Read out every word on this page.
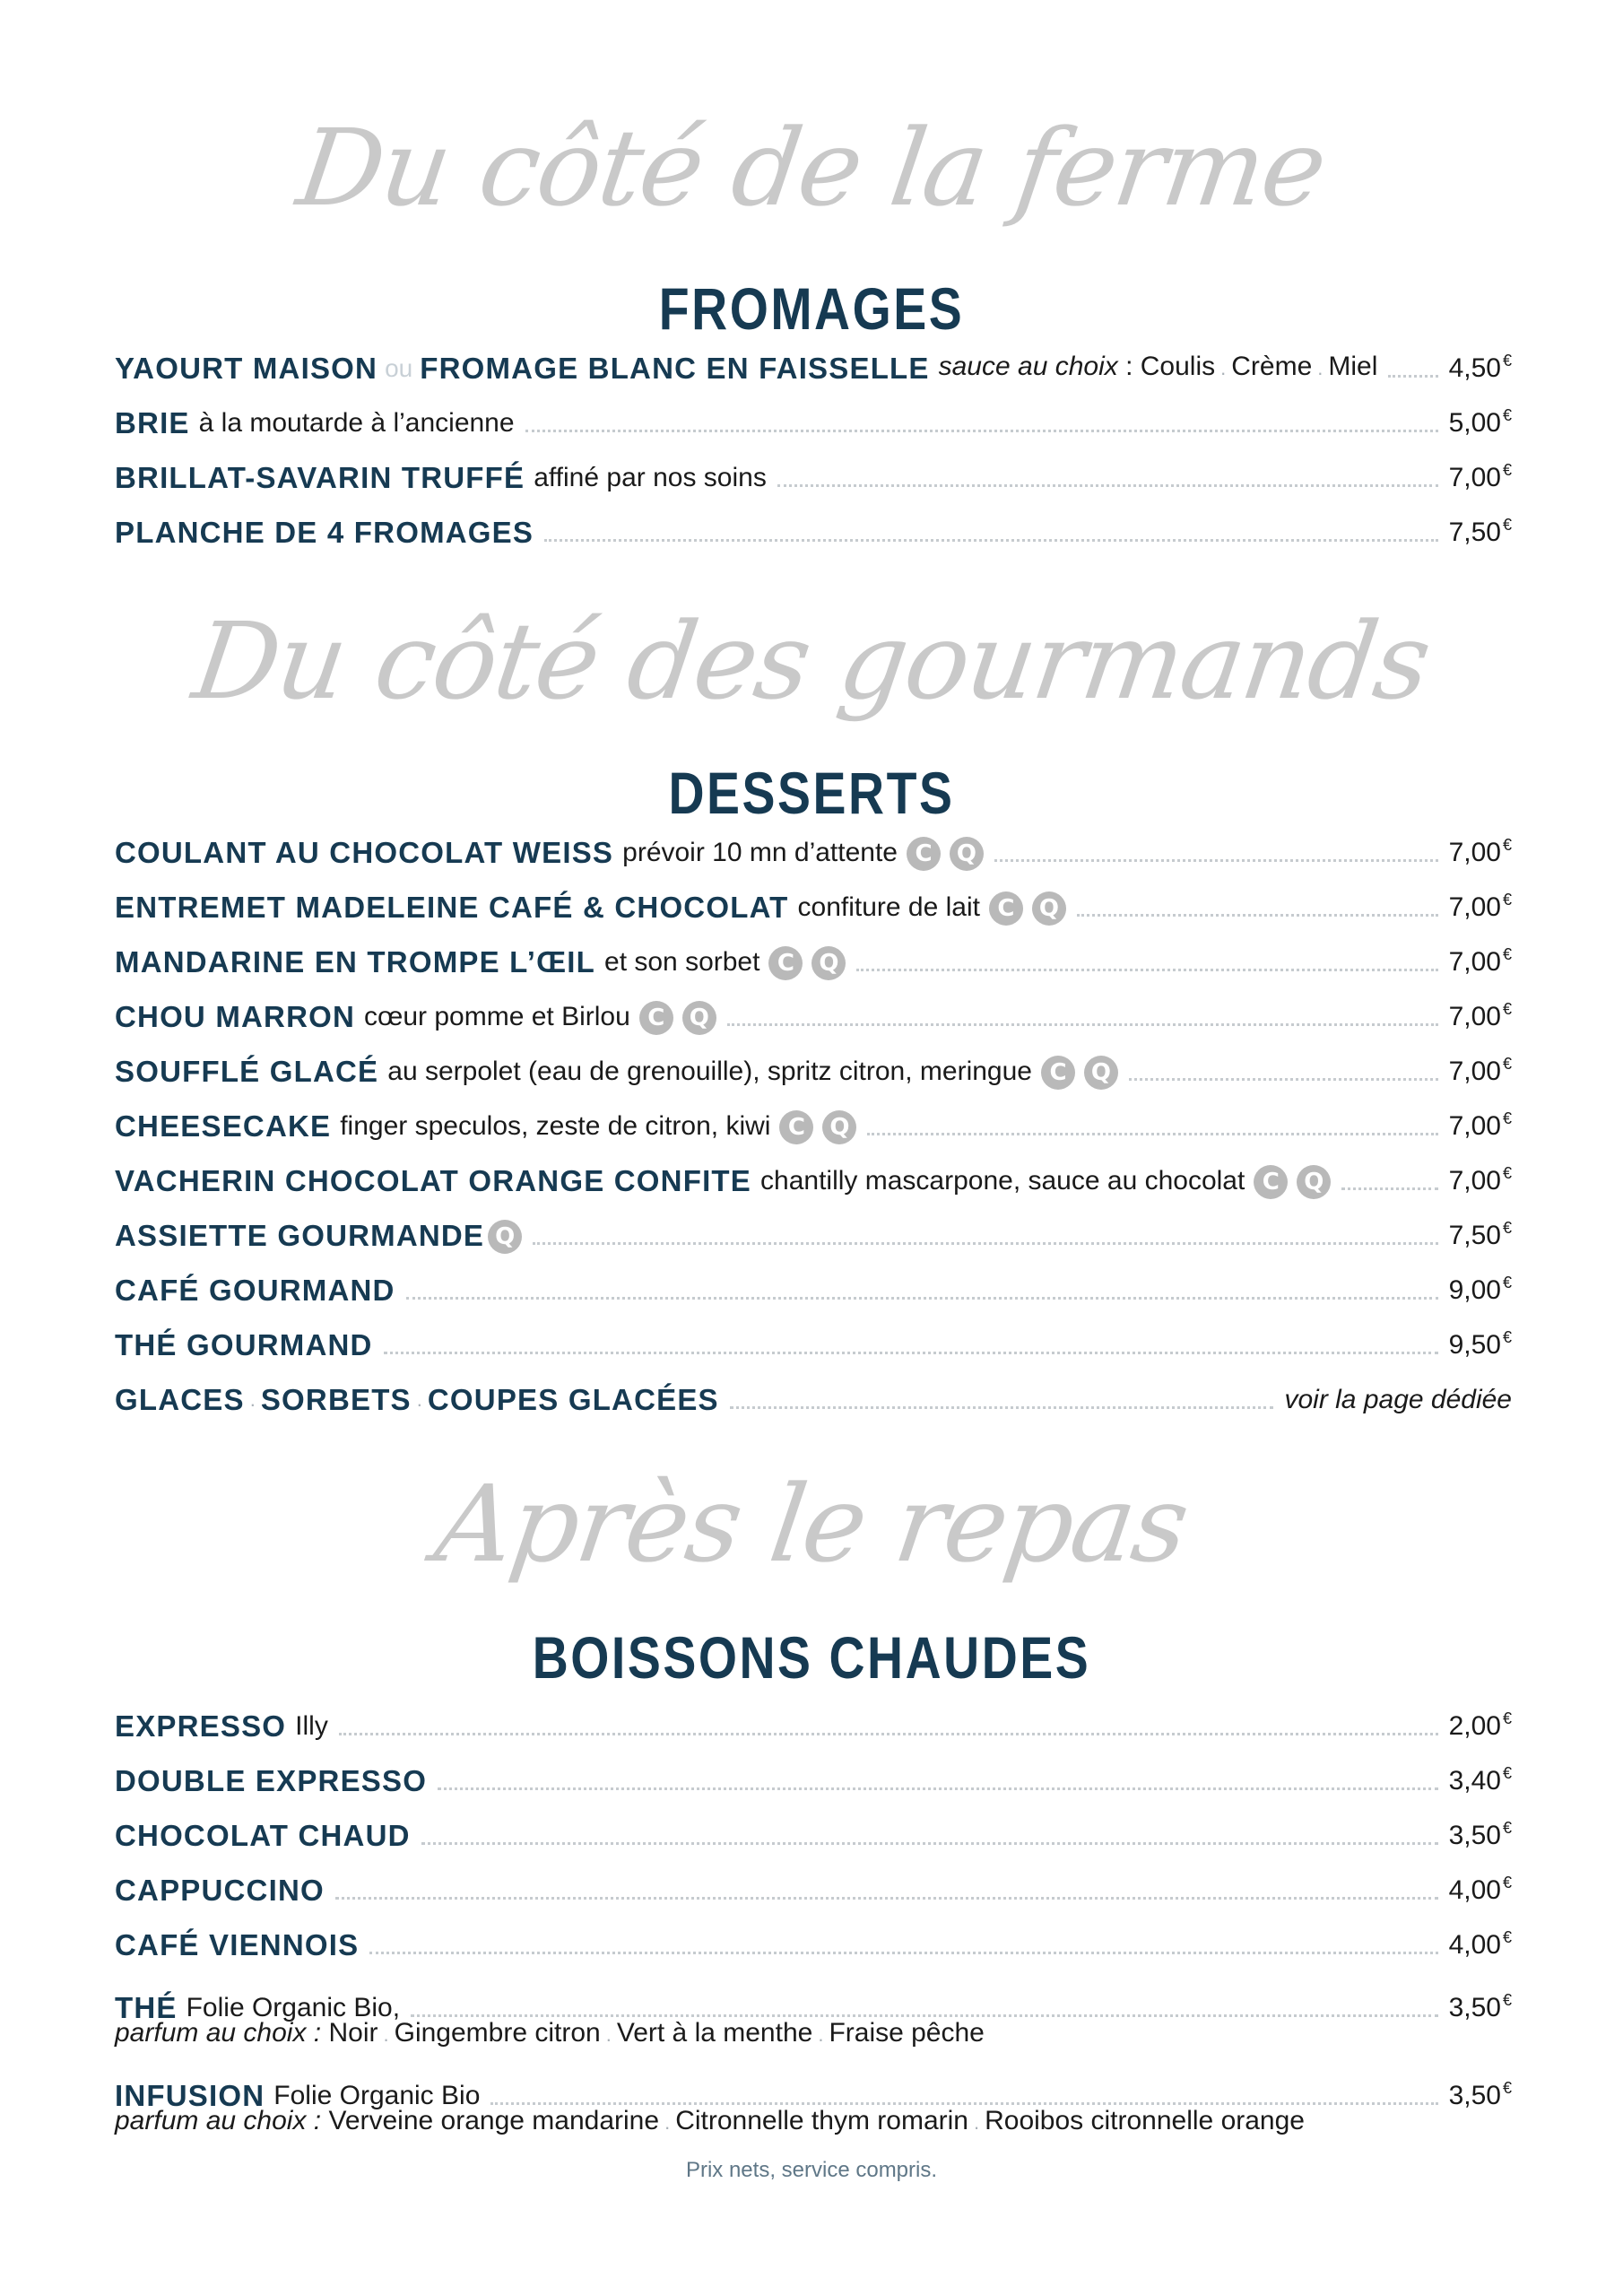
Du côté de la ferme
FROMAGES
YAOURT MAISON ou FROMAGE BLANC EN FAISSELLE sauce au choix : Coulis . Crème . Miel	4,50 €
BRIE à la moutarde à l’ancienne	5,00 €
BRILLAT-SAVARIN TRUFFÉ affiné par nos soins	7,00 €
PLANCHE DE 4 FROMAGES	7,50 €
Du côté des gourmands
DESSERTS
COULANT AU CHOCOLAT WEISS prévoir 10 mn d’attente C	Q	7,00 €
ENTREMET MADELEINE CAFÉ & CHOCOLAT confiture de lait C	Q	7,00 €
MANDARINE EN TROMPE L’ŒIL et son sorbet C	Q	7,00 €
CHOU MARRON cœur pomme et Birlou C	Q	7,00 €
SOUFFLÉ GLACÉ au serpolet (eau de grenouille), spritz citron, meringue C	Q	7,00 €
CHEESECAKE finger speculos, zeste de citron, kiwi C	Q	7,00 €
VACHERIN CHOCOLAT ORANGE CONFITE chantilly mascarpone, sauce au chocolat C	Q	7,00 €
ASSIETTE GOURMANDE Q	7,50 €
CAFÉ GOURMAND	9,00 €
THÉ GOURMAND	9,50 €
GLACES . SORBETS . COUPES GLACÉES	voir la page dédiée
Après le repas
BOISSONS CHAUDES
EXPRESSO Illy	2,00 €
DOUBLE EXPRESSO	3,40 €
CHOCOLAT CHAUD	3,50 €
CAPPUCCINO	4,00 €
CAFÉ VIENNOIS	4,00 €
THÉ Folie Organic Bio,	3,50 €
parfum au choix : Noir . Gingembre citron . Vert à la menthe . Fraise pêche
INFUSION Folie Organic Bio	3,50 €
parfum au choix : Verveine orange mandarine . Citronnelle thym romarin . Rooibos citronnelle orange
Prix nets, service compris.
